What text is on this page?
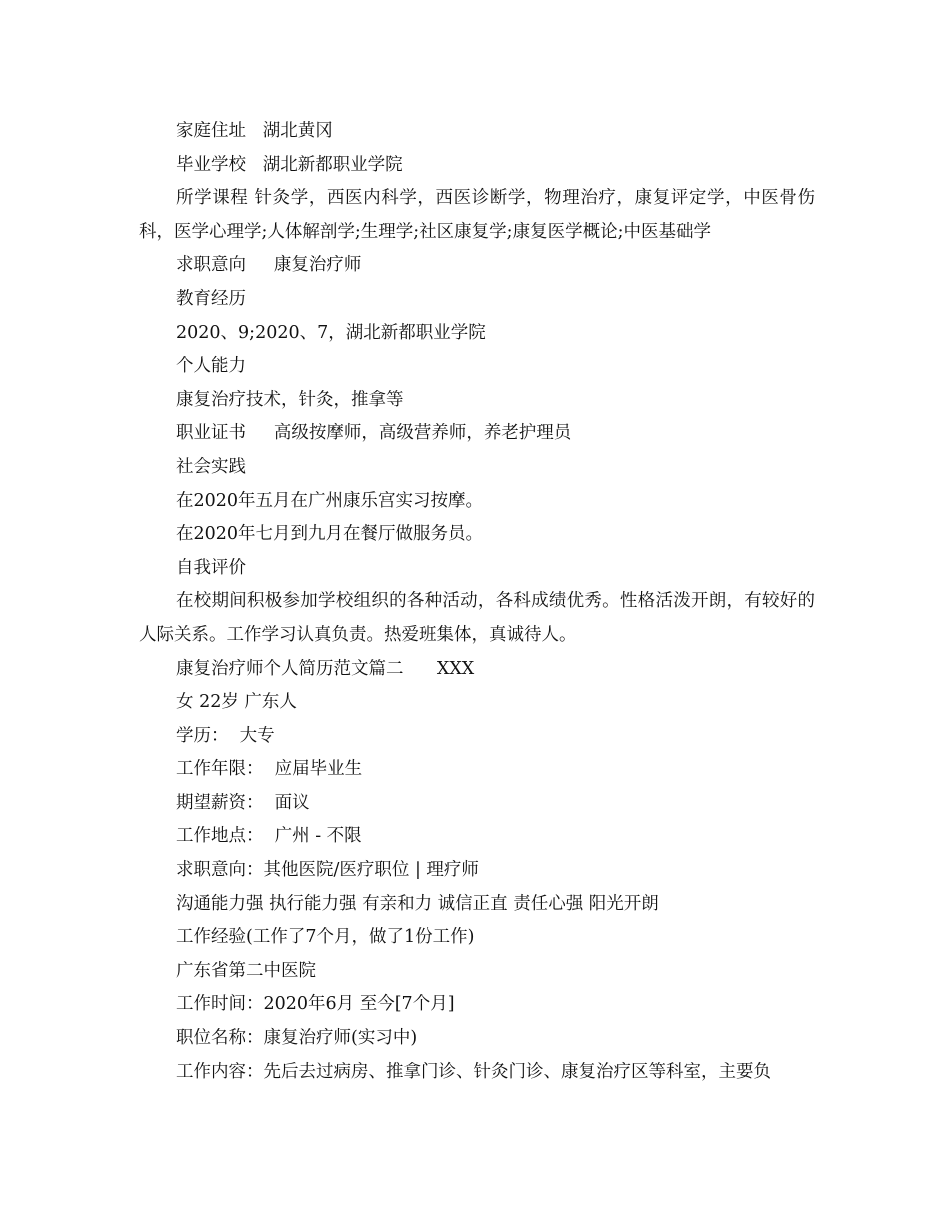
家庭住址   湖北黄冈

毕业学校   湖北新都职业学院

所学课程 针灸学，西医内科学，西医诊断学，物理治疗，康复评定学，中医骨伤科，医学心理学;人体解剖学;生理学;社区康复学;康复医学概论;中医基础学

求职意向     康复治疗师

教育经历

2020、9;2020、7，湖北新都职业学院

个人能力

康复治疗技术，针灸，推拿等

职业证书     高级按摩师，高级营养师，养老护理员

社会实践

在2020年五月在广州康乐宫实习按摩。

在2020年七月到九月在餐厅做服务员。

自我评价

在校期间积极参加学校组织的各种活动，各科成绩优秀。性格活泼开朗，有较好的人际关系。工作学习认真负责。热爱班集体，真诚待人。

康复治疗师个人简历范文篇二      XXX

女 22岁 广东人

学历：  大专

工作年限：  应届毕业生

期望薪资：  面议

工作地点：  广州 - 不限

求职意向：其他医院/医疗职位 | 理疗师

沟通能力强 执行能力强 有亲和力 诚信正直 责任心强 阳光开朗

工作经验(工作了7个月，做了1份工作)

广东省第二中医院

工作时间：2020年6月 至今[7个月]

职位名称：康复治疗师(实习中)

工作内容：先后去过病房、推拿门诊、针灸门诊、康复治疗区等科室，主要负
